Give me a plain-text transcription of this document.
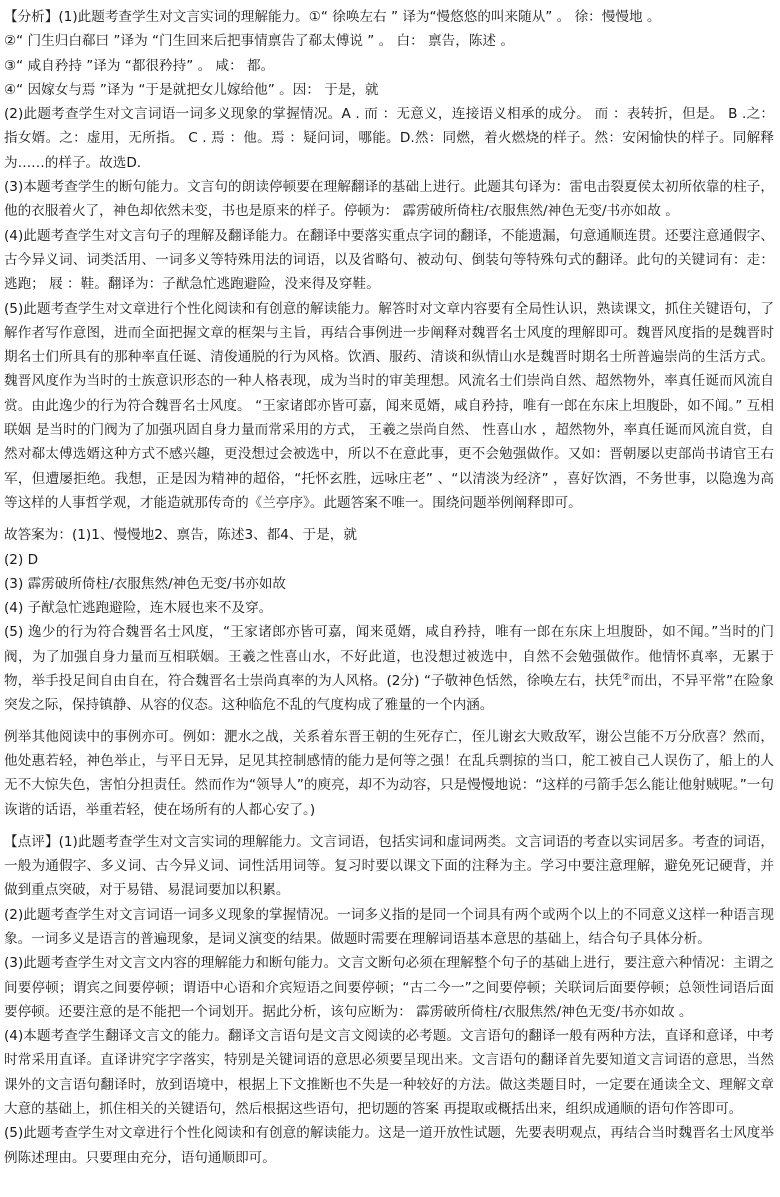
【分析】(1)此题考查学生对文言实词的理解能力。①“ 徐唤左右 ” 译为“慢悠悠的叫来随从” 。 徐：慢慢地 。

②“ 门生归白郗曰 ”译为 “门生回来后把事情禀告了郗太傅说 ” 。 白： 禀告，陈述 。

③“ 咸自矜持 ”译为 “都很矜持” 。 咸： 都。

④“ 因嫁女与焉 ”译为 “于是就把女儿嫁给他” 。因： 于是，就

(2)此题考查学生对文言词语一词多义现象的掌握情况。A . 而 ：无意义，连接语义相承的成分。 而 ：表转折，但是。 B .之：指女婿。之：虚用，无所指。 C . 焉 ：他。焉 ：疑问词，哪能。D.然：同燃，着火燃烧的样子。然：安闲愉快的样子。同解释为……的样子。故选D.

(3)本题考查学生的断句能力。文言句的朗读停顿要在理解翻译的基础上进行。此题其句译为：雷电击裂夏侯太初所依靠的柱子，他的衣服着火了，神色却依然未变，书也是原来的样子。停顿为： 霹雳破所倚柱/衣服焦然/神色无变/书亦如故 。

(4)此题考查学生对文言句子的理解及翻译能力。在翻译中要落实重点字词的翻译，不能遗漏，句意通顺连贯。还要注意通假字、古今异义词、词类活用、一词多义等特殊用法的词语，以及省略句、被动句、倒装句等特殊句式的翻译。此句的关键词有：走：逃跑； 屐 ：鞋。翻译为：子猷急忙逃跑避险，没来得及穿鞋。

(5)此题考查学生对文章进行个性化阅读和有创意的解读能力。解答时对文章内容要有全局性认识，熟读课文，抓住关键语句，了解作者写作意图，进而全面把握文章的框架与主旨，再结合事例进一步阐释对魏晋名士风度的理解即可。魏晋风度指的是魏晋时期名士们所具有的那种率直任诞、清俊通脱的行为风格。饮酒、服药、清谈和纵情山水是魏晋时期名士所普遍崇尚的生活方式。魏晋风度作为当时的士族意识形态的一种人格表现，成为当时的审美理想。风流名士们崇尚自然、超然物外，率真任诞而风流自赏。由此逸少的行为符合魏晋名士风度。 “王家诸郎亦皆可嘉，闻来觅婿，咸自矜持，唯有一郎在东床上坦腹卧，如不闻。” 互相联姻 是当时的门阀为了加强巩固自身力量而常采用的方式， 王羲之崇尚自然、 性喜山水 ，超然物外，率真任诞而风流自赏，自然对郗太傅选婿这种方式不感兴趣，更没想过会被选中，所以不在意此事，更不会勉强做作。又如：晋朝屡以吏部尚书请官王右军，但遭屡拒绝。我想，正是因为精神的超俗，“托怀玄胜，远咏庄老” 、“以清淡为经济” ，喜好饮酒，不务世事，以隐逸为高等这样的人事哲学观，才能造就那传奇的《兰亭序》。此题答案不唯一。围绕问题举例阐释即可。

故答案为：(1)1、慢慢地2、禀告，陈述3、都4、于是，就

(2) D

(3) 霹雳破所倚柱/衣服焦然/神色无变/书亦如故

(4) 子猷急忙逃跑避险，连木屐也来不及穿。

(5) 逸少的行为符合魏晋名士风度，“王家诸郎亦皆可嘉，闻来觅婿，咸自矜持，唯有一郎在东床上坦腹卧，如不闻。”当时的门阀，为了加强自身力量而互相联姻。王羲之性喜山水，不好此道，也没想过被选中，自然不会勉强做作。他情怀真率，无累于物，举手投足间自由自在，符合魏晋名士崇尚真率的为人风格。(2分) “子敬神色恬然，徐唤左右，扶凭②而出，不异平常”在险象突发之际，保持镇静、从容的仪态。这种临危不乱的气度构成了雅量的一个内涵。

例举其他阅读中的事例亦可。例如：淝水之战，关系着东晋王朝的生死存亡，侄儿谢玄大败敌军，谢公岂能不万分欣喜？然而，他处惠若轻，神色举止，与平日无异，足见其控制感情的能力是何等之强！在乱兵剽掠的当口，舵工被自己人误伤了，船上的人无不大惊失色，害怕分担责任。然而作为“领导人”的庾亮，却不为动容，只是慢慢地说：“这样的弓箭手怎么能让他射贼呢。”一句诙谐的话语，举重若轻，使在场所有的人都心安了。)

【点评】(1)此题考查学生对文言实词的理解能力。文言词语，包括实词和虚词两类。文言词语的考查以实词居多。考查的词语，一般为通假字、多义词、古今异义词、词性活用词等。复习时要以课文下面的注释为主。学习中要注意理解，避免死记硬背，并做到重点突破，对于易错、易混词要加以积累。

(2)此题考查学生对文言词语一词多义现象的掌握情况。一词多义指的是同一个词具有两个或两个以上的不同意义这样一种语言现象。一词多义是语言的普遍现象，是词义演变的结果。做题时需要在理解词语基本意思的基础上，结合句子具体分析。

(3)此题考查学生对文言文内容的理解能力和断句能力。文言文断句必须在理解整个句子的基础上进行，要注意六种情况：主谓之间要停顿；谓宾之间要停顿；谓语中心语和介宾短语之间要停顿；“古二今一”之间要停顿；关联词后面要停顿；总领性词语后面要停顿。还要注意的是不能把一个词划开。据此分析，该句应断为： 霹雳破所倚柱/衣服焦然/神色无变/书亦如故 。

(4)本题考查学生翻译文言文的能力。翻译文言语句是文言文阅读的必考题。文言语句的翻译一般有两种方法，直译和意译，中考时常采用直译。直译讲究字字落实，特别是关键词语的意思必须要呈现出来。文言语句的翻译首先要知道文言词语的意思，当然课外的文言语句翻译时，放到语境中，根据上下文推断也不失是一种较好的方法。做这类题目时，一定要在通读全文、理解文章大意的基础上，抓住相关的关键语句，然后根据这些语句，把切题的答案 再提取或概括出来，组织成通顺的语句作答即可。

(5)此题考查学生对文章进行个性化阅读和有创意的解读能力。这是一道开放性试题，先要表明观点，再结合当时魏晋名士风度举例陈述理由。只要理由充分，语句通顺即可。
